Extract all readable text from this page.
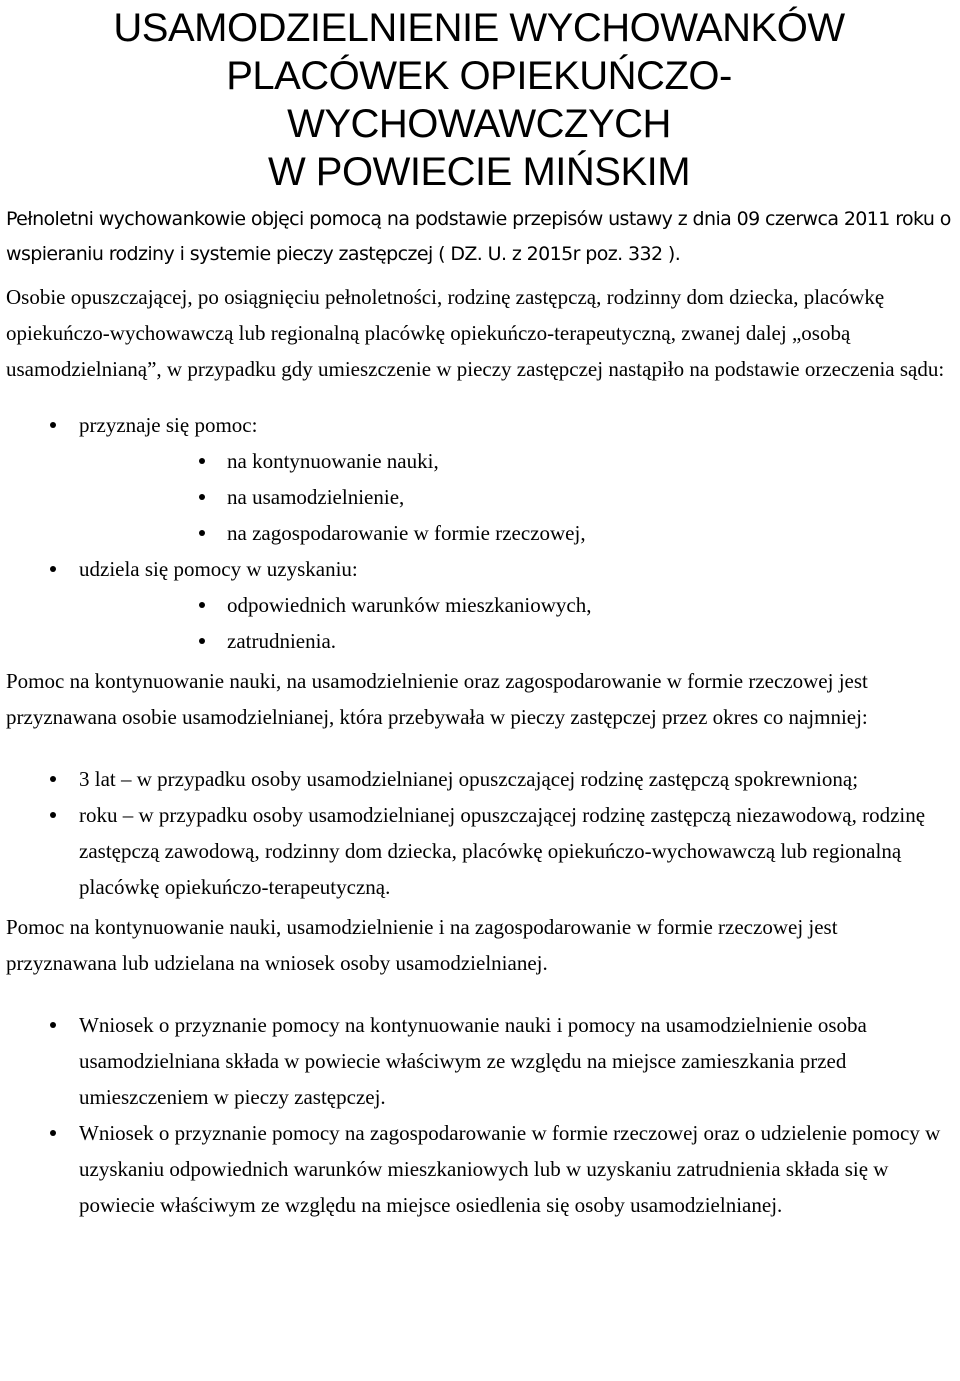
USAMODZIELNIENIE WYCHOWANKÓW
PLACÓWEK OPIEKUŃCZO-
WYCHOWAWCZYCH
W POWIECIE MIŃSKIM

Pełnoletni wychowankowie objęci pomocą na podstawie przepisów ustawy z dnia 09 czerwca 2011 roku o wspieraniu rodziny i systemie pieczy zastępczej ( DZ. U. z 2015r poz. 332 ).

Osobie opuszczającej, po osiągnięciu pełnoletności, rodzinę zastępczą, rodzinny dom dziecka, placówkę opiekuńczo-wychowawczą lub regionalną placówkę opiekuńczo-terapeutyczną, zwanej dalej „osobą usamodzielnianą”, w przypadku gdy umieszczenie w pieczy zastępczej nastąpiło na podstawie orzeczenia sądu:

przyznaje się pomoc:
na kontynuowanie nauki,
na usamodzielnienie,
na zagospodarowanie w formie rzeczowej,
udziela się pomocy w uzyskaniu:
odpowiednich warunków mieszkaniowych,
zatrudnienia.

Pomoc na kontynuowanie nauki, na usamodzielnienie oraz zagospodarowanie w formie rzeczowej jest przyznawana osobie usamodzielnianej, która przebywała w pieczy zastępczej przez okres co najmniej:

3 lat – w przypadku osoby usamodzielnianej opuszczającej rodzinę zastępczą spokrewnioną;
roku – w przypadku osoby usamodzielnianej opuszczającej rodzinę zastępczą niezawodową, rodzinę zastępczą zawodową, rodzinny dom dziecka, placówkę opiekuńczo-wychowawczą lub regionalną placówkę opiekuńczo-terapeutyczną.

Pomoc na kontynuowanie nauki, usamodzielnienie i na zagospodarowanie w formie rzeczowej jest przyznawana lub udzielana na wniosek osoby usamodzielnianej.

Wniosek o przyznanie pomocy na kontynuowanie nauki i pomocy na usamodzielnienie osoba usamodzielniana składa w powiecie właściwym ze względu na miejsce zamieszkania przed umieszczeniem w pieczy zastępczej.
Wniosek o przyznanie pomocy na zagospodarowanie w formie rzeczowej oraz o udzielenie pomocy w uzyskaniu odpowiednich warunków mieszkaniowych lub w uzyskaniu zatrudnienia składa się w powiecie właściwym ze względu na miejsce osiedlenia się osoby usamodzielnianej.
